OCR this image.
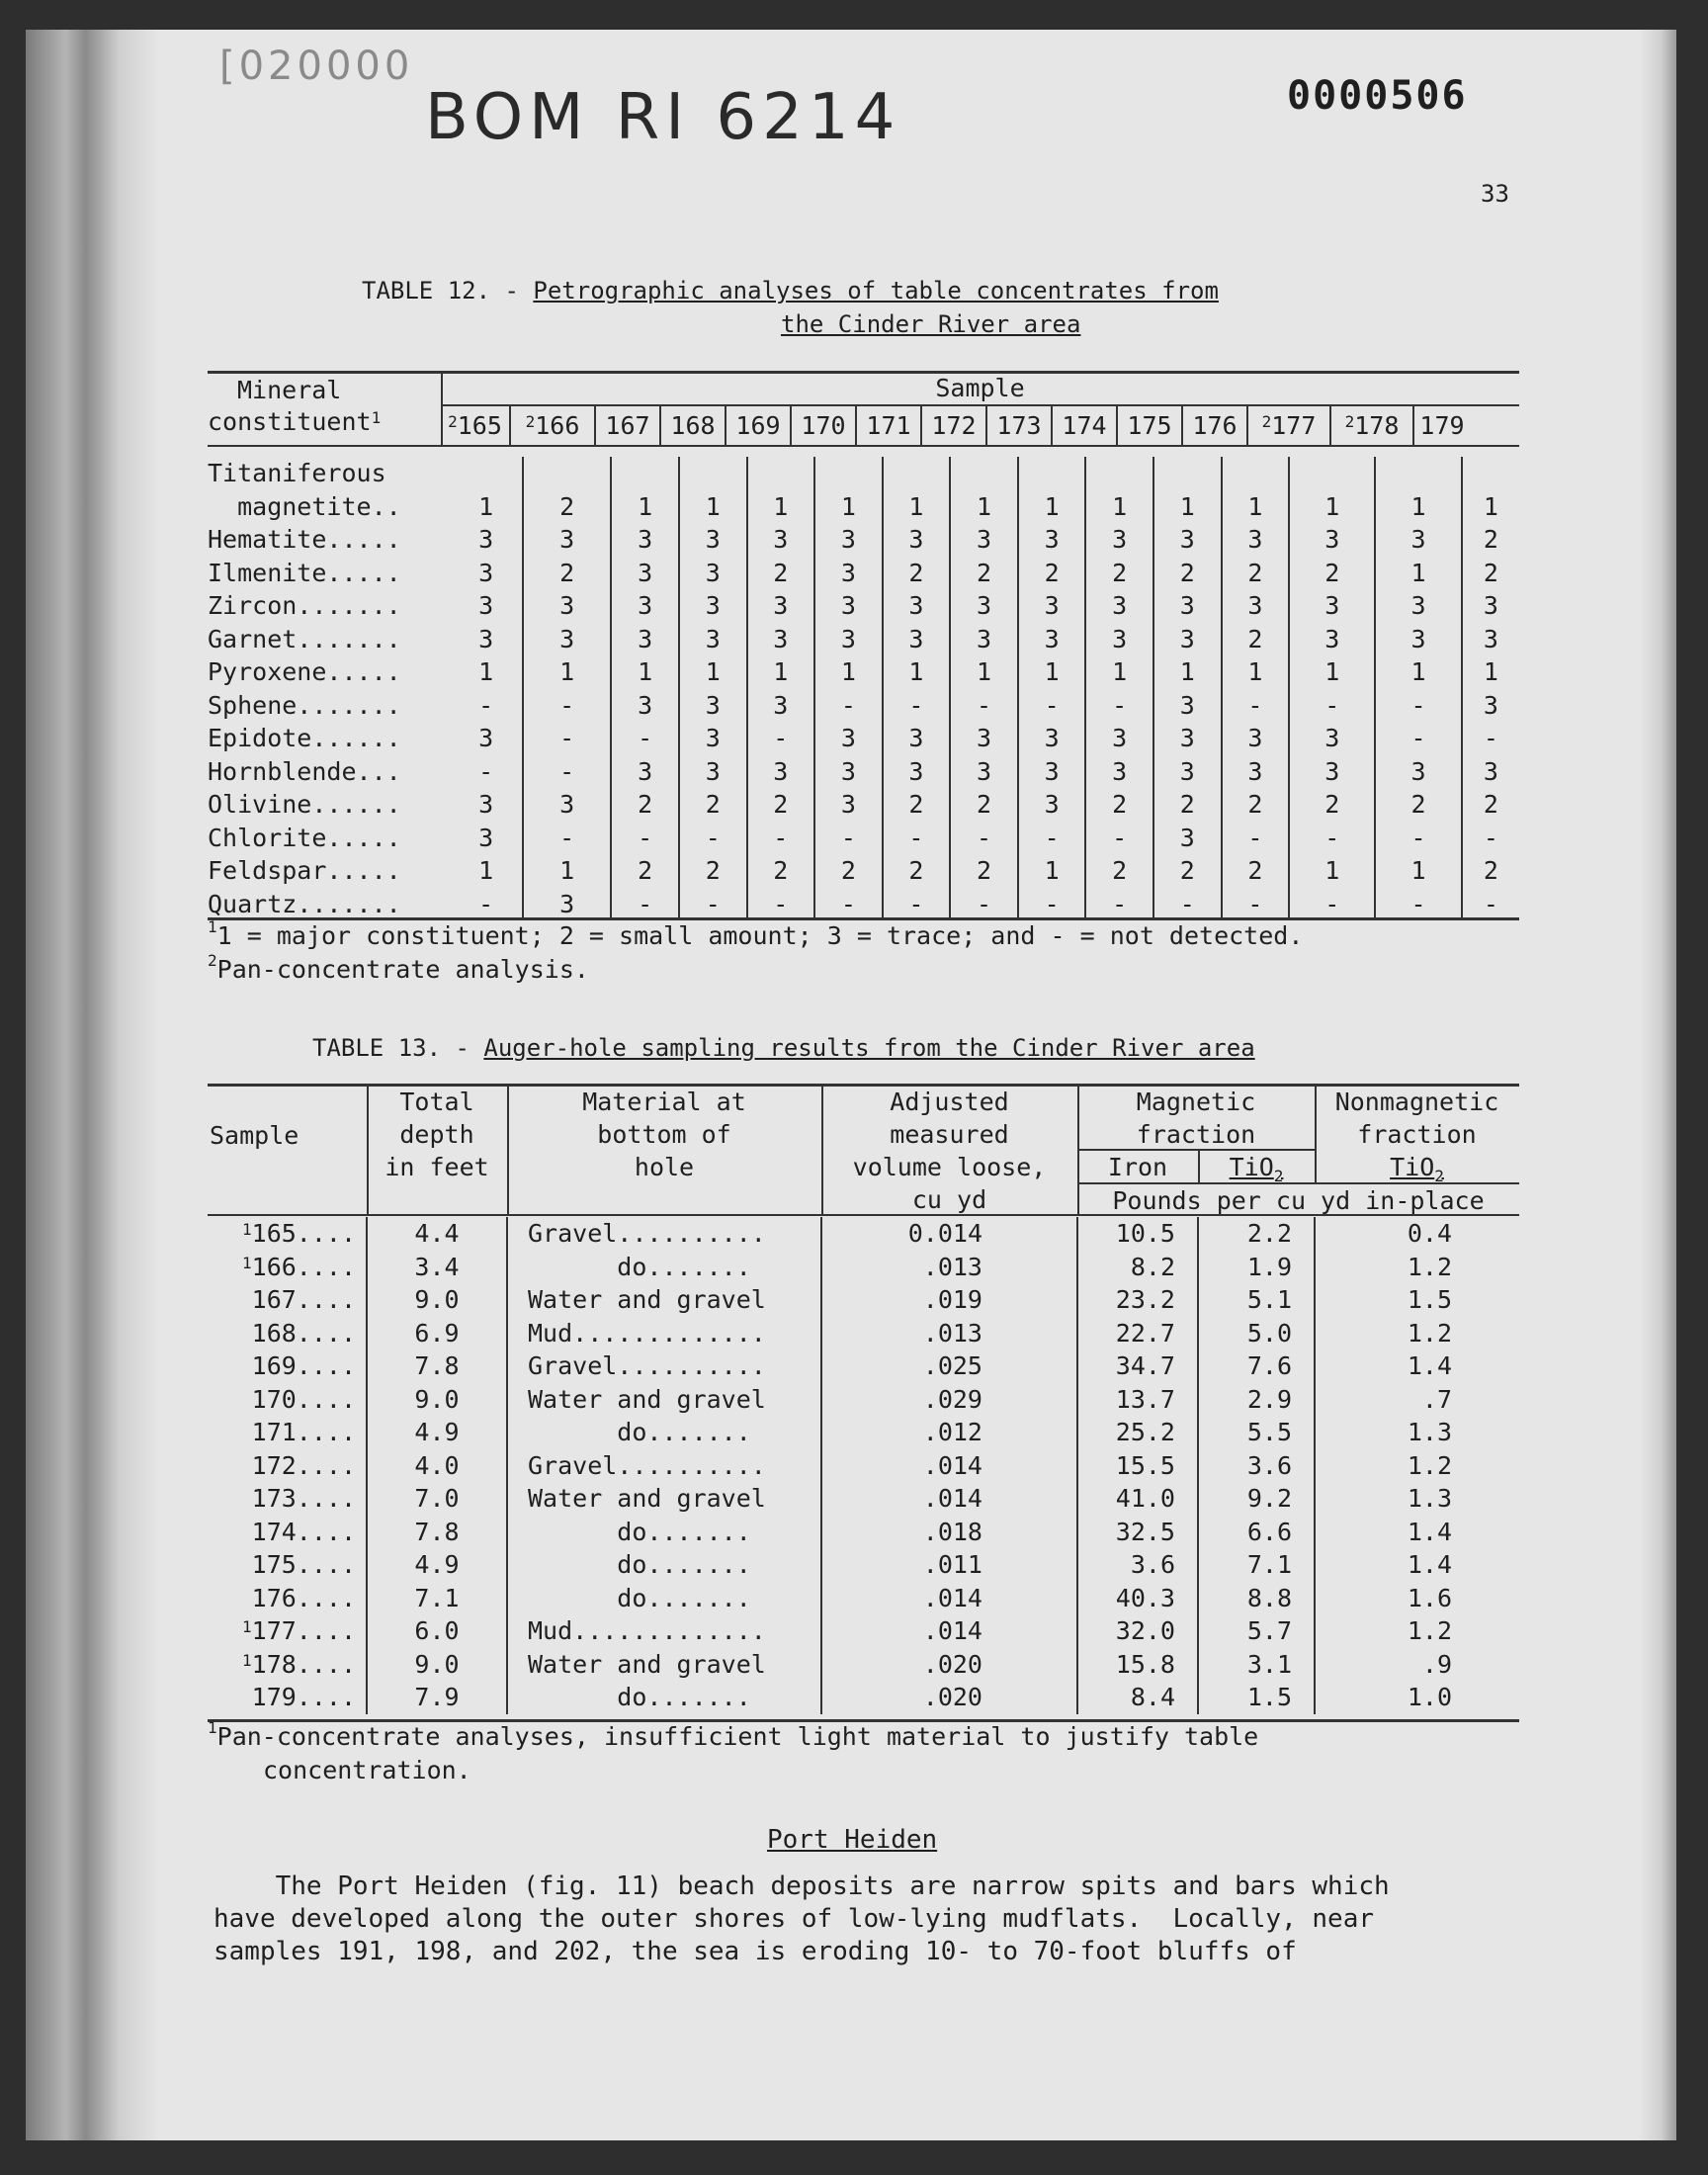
[020000
BOM RI 6214	0000506
33
TABLE 12. - Petrographic analyses of table concentrates from
the Cinder River area
Mineral
constituent$^1$
Sample
$^2$165	$^2$166	167 168 169 170 171 172 173 174 175 176	$^2$177	$^2$178 179
Titaniferous															
magnetite..	1	2	1	1	1	1	1	1	1	1	1	1	1	1	1
Hematite.....	3	3	3	3	3	3	3	3	3	3	3	3	3	3	2
Ilmenite.....	3	2	3	3	2	3	2	2	2	2	2	2	2	1	2
Zircon.......	3	3	3	3	3	3	3	3	3	3	3	3	3	3	3
Garnet.......	3	3	3	3	3	3	3	3	3	3	3	2	3	3	3
Pyroxene.....	1	1	1	1	1	1	1	1	1	1	1	1	1	1	1
Sphene.......	-	-	3	3	3	-	-	-	-	-	3	-	-	-	3
Epidote......	3	-	-	3	-	3	3	3	3	3	3	3	3	-	-
Hornblende...	-	-	3	3	3	3	3	3	3	3	3	3	3	3	3
Olivine......	3	3	2	2	2	3	2	2	3	2	2	2	2	2	2
Chlorite.....	3	-	-	-	-	-	-	-	-	-	3	-	-	-	-
Feldspar.....	1	1	2	2	2	2	2	2	1	2	2	2	1	1	2
Quartz.......	-	3	-	-	-	-	-	-	-	-	-	-	-	-	-
$^1$1 = major constituent; 2 = small amount; 3 = trace; and - = not detected.
$^2$Pan-concentrate analysis.
TABLE 13. - Auger-hole sampling results from the Cinder River area
Sample
Total
depth
in feet
Material at
bottom of
hole
Adjusted
measured
volume loose,
cu yd
Magnetic
fraction
Iron	TiO$_2$
Nonmagnetic
fraction
TiO$_2$
Pounds per cu yd in-place
$^1$165....	4.4	Gravel..........	0.014	10.5	2.2	0.4
$^1$166....	3.4	do.......	.013	8.2	1.9	1.2
167....	9.0	Water and gravel	.019	23.2	5.1	1.5
168....	6.9	Mud.............	.013	22.7	5.0	1.2
169....	7.8	Gravel..........	.025	34.7	7.6	1.4
170....	9.0	Water and gravel	.029	13.7	2.9	.7
171....	4.9	do.......	.012	25.2	5.5	1.3
172....	4.0	Gravel..........	.014	15.5	3.6	1.2
173....	7.0	Water and gravel	.014	41.0	9.2	1.3
174....	7.8	do.......	.018	32.5	6.6	1.4
175....	4.9	do.......	.011	3.6	7.1	1.4
176....	7.1	do.......	.014	40.3	8.8	1.6
$^1$177....	6.0	Mud.............	.014	32.0	5.7	1.2
$^1$178....	9.0	Water and gravel	.020	15.8	3.1	.9
179....	7.9	do.......	.020	8.4	1.5	1.0
$^1$Pan-concentrate analyses, insufficient light material to justify table
concentration.
Port Heiden
The Port Heiden (fig. 11) beach deposits are narrow spits and bars which
have developed along the outer shores of low-lying mudflats.  Locally, near
samples 191, 198, and 202, the sea is eroding 10- to 70-foot bluffs of
